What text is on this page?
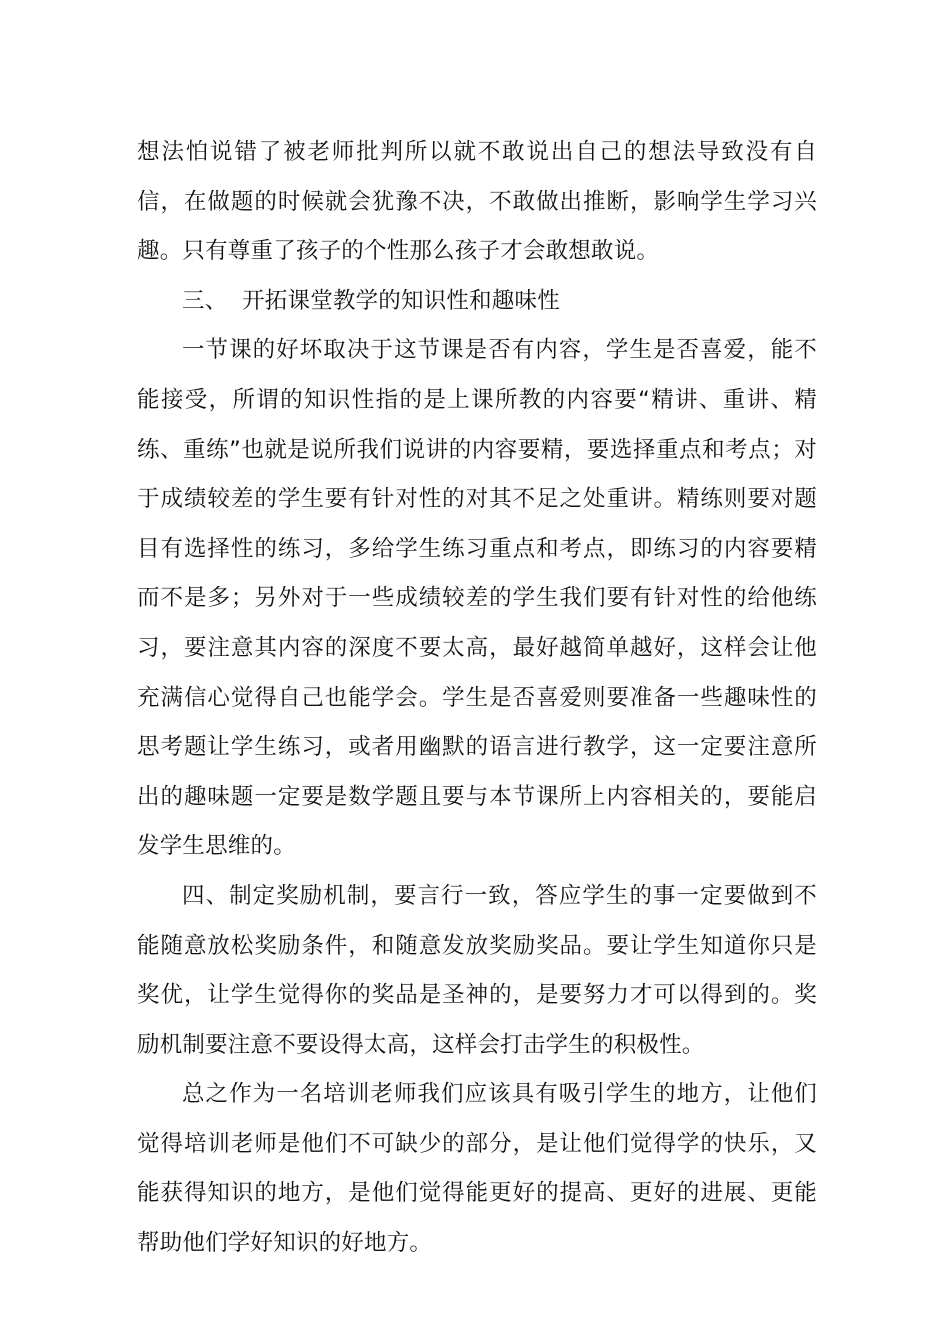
想法怕说错了被老师批判所以就不敢说出自己的想法导致没有自信，在做题的时候就会犹豫不决，不敢做出推断，影响学生学习兴趣。只有尊重了孩子的个性那么孩子才会敢想敢说。

三、  开拓课堂教学的知识性和趣味性

一节课的好坏取决于这节课是否有内容，学生是否喜爱，能不能接受，所谓的知识性指的是上课所教的内容要“精讲、重讲、精练、重练”也就是说所我们说讲的内容要精，要选择重点和考点；对于成绩较差的学生要有针对性的对其不足之处重讲。精练则要对题目有选择性的练习，多给学生练习重点和考点，即练习的内容要精而不是多；另外对于一些成绩较差的学生我们要有针对性的给他练习，要注意其内容的深度不要太高，最好越简单越好，这样会让他充满信心觉得自己也能学会。学生是否喜爱则要准备一些趣味性的思考题让学生练习，或者用幽默的语言进行教学，这一定要注意所出的趣味题一定要是数学题且要与本节课所上内容相关的，要能启发学生思维的。

四、制定奖励机制，要言行一致，答应学生的事一定要做到不能随意放松奖励条件，和随意发放奖励奖品。要让学生知道你只是奖优，让学生觉得你的奖品是圣神的，是要努力才可以得到的。奖励机制要注意不要设得太高，这样会打击学生的积极性。

总之作为一名培训老师我们应该具有吸引学生的地方，让他们觉得培训老师是他们不可缺少的部分，是让他们觉得学的快乐，又能获得知识的地方，是他们觉得能更好的提高、更好的进展、更能帮助他们学好知识的好地方。
